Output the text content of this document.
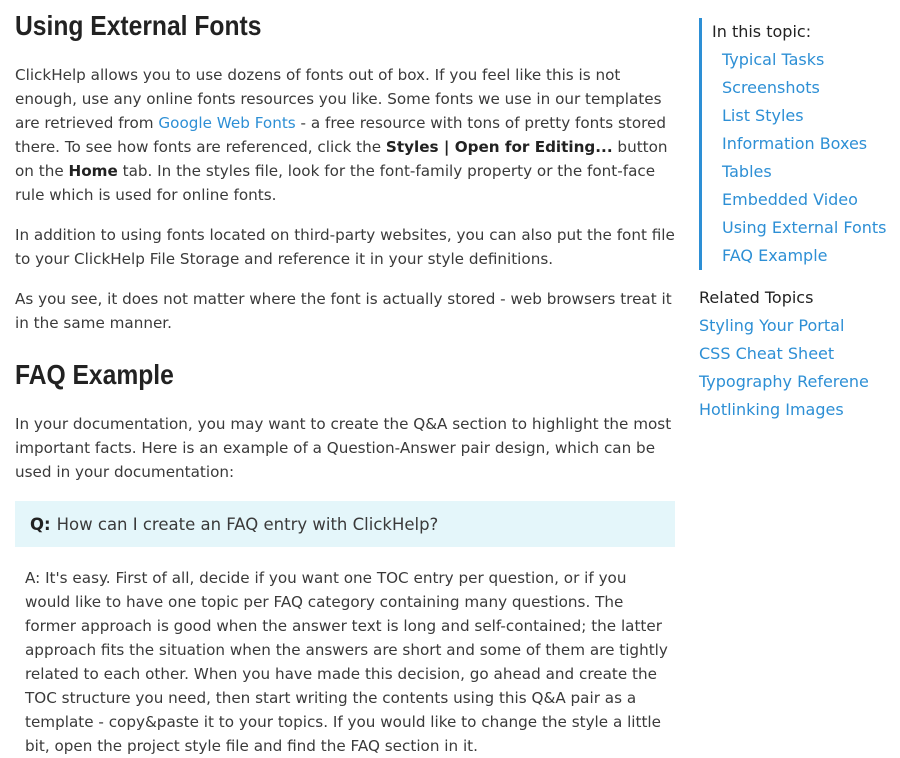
Using External Fonts

ClickHelp allows you to use dozens of fonts out of box. If you feel like this is not enough, use any online fonts resources you like. Some fonts we use in our templates are retrieved from Google Web Fonts - a free resource with tons of pretty fonts stored there. To see how fonts are referenced, click the Styles | Open for Editing... button on the Home tab. In the styles file, look for the font-family property or the font-face rule which is used for online fonts.

In addition to using fonts located on third-party websites, you can also put the font file to your ClickHelp File Storage and reference it in your style definitions.

As you see, it does not matter where the font is actually stored - web browsers treat it in the same manner.

FAQ Example

In your documentation, you may want to create the Q&A section to highlight the most important facts. Here is an example of a Question-Answer pair design, which can be used in your documentation:

Q: How can I create an FAQ entry with ClickHelp?

A: It's easy. First of all, decide if you want one TOC entry per question, or if you would like to have one topic per FAQ category containing many questions. The former approach is good when the answer text is long and self-contained; the latter approach fits the situation when the answers are short and some of them are tightly related to each other. When you have made this decision, go ahead and create the TOC structure you need, then start writing the contents using this Q&A pair as a template - copy&paste it to your topics. If you would like to change the style a little bit, open the project style file and find the FAQ section in it.

In this topic:
Typical Tasks
Screenshots
List Styles
Information Boxes
Tables
Embedded Video
Using External Fonts
FAQ Example
Related Topics
Styling Your Portal
CSS Cheat Sheet
Typography Referene
Hotlinking Images
